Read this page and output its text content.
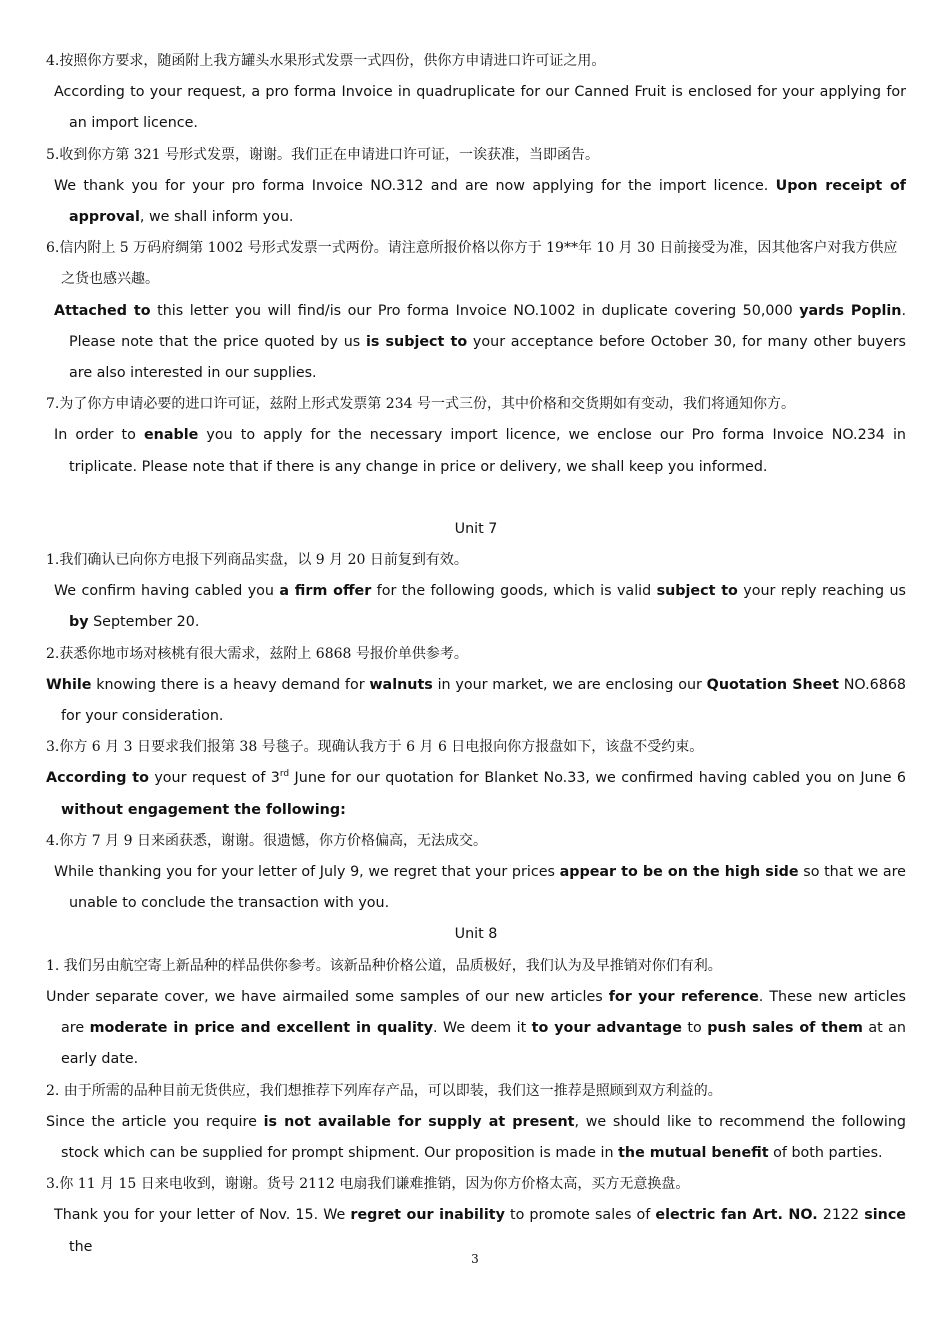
4.按照你方要求，随函附上我方罐头水果形式发票一式四份，供你方申请进口许可证之用。

According to your request, a pro forma Invoice in quadruplicate for our Canned Fruit is enclosed for your applying for an import licence.

5.收到你方第 321 号形式发票，谢谢。我们正在申请进口许可证，一诶获准，当即函告。

We thank you for your pro forma Invoice NO.312 and are now applying for the import licence. Upon receipt of approval, we shall inform you.

6.信内附上 5 万码府绸第 1002 号形式发票一式两份。请注意所报价格以你方于 19**年 10 月 30 日前接受为准，因其他客户对我方供应之货也感兴趣。

Attached to this letter you will find/is our Pro forma Invoice NO.1002 in duplicate covering 50,000 yards Poplin. Please note that the price quoted by us is subject to your acceptance before October 30, for many other buyers are also interested in our supplies.

7.为了你方申请必要的进口许可证，兹附上形式发票第 234 号一式三份，其中价格和交货期如有变动，我们将通知你方。

In order to enable you to apply for the necessary import licence, we enclose our Pro forma Invoice NO.234 in triplicate. Please note that if there is any change in price or delivery, we shall keep you informed.

Unit 7

1.我们确认已向你方电报下列商品实盘，以 9 月 20 日前复到有效。

We confirm having cabled you a firm offer for the following goods, which is valid subject to your reply reaching us by September 20.

2.获悉你地市场对核桃有很大需求，兹附上 6868 号报价单供参考。

While knowing there is a heavy demand for walnuts in your market, we are enclosing our Quotation Sheet NO.6868 for your consideration.

3.你方 6 月 3 日要求我们报第 38 号毯子。现确认我方于 6 月 6 日电报向你方报盘如下，该盘不受约束。

According to your request of 3rd June for our quotation for Blanket No.33, we confirmed having cabled you on June 6 without engagement the following:

4.你方 7 月 9 日来函获悉，谢谢。很遗憾，你方价格偏高，无法成交。

While thanking you for your letter of July 9, we regret that your prices appear to be on the high side so that we are unable to conclude the transaction with you.

Unit 8

1. 我们另由航空寄上新品种的样品供你参考。该新品种价格公道，品质极好，我们认为及早推销对你们有利。

Under separate cover, we have airmailed some samples of our new articles for your reference. These new articles are moderate in price and excellent in quality. We deem it to your advantage to push sales of them at an early date.

2. 由于所需的品种目前无货供应，我们想推荐下列库存产品，可以即装，我们这一推荐是照顾到双方利益的。

Since the article you require is not available for supply at present, we should like to recommend the following stock which can be supplied for prompt shipment. Our proposition is made in the mutual benefit of both parties.

3.你 11 月 15 日来电收到，谢谢。货号 2112 电扇我们谦难推销，因为你方价格太高，买方无意换盘。

Thank you for your letter of Nov. 15. We regret our inability to promote sales of electric fan Art. NO. 2122 since the

3
